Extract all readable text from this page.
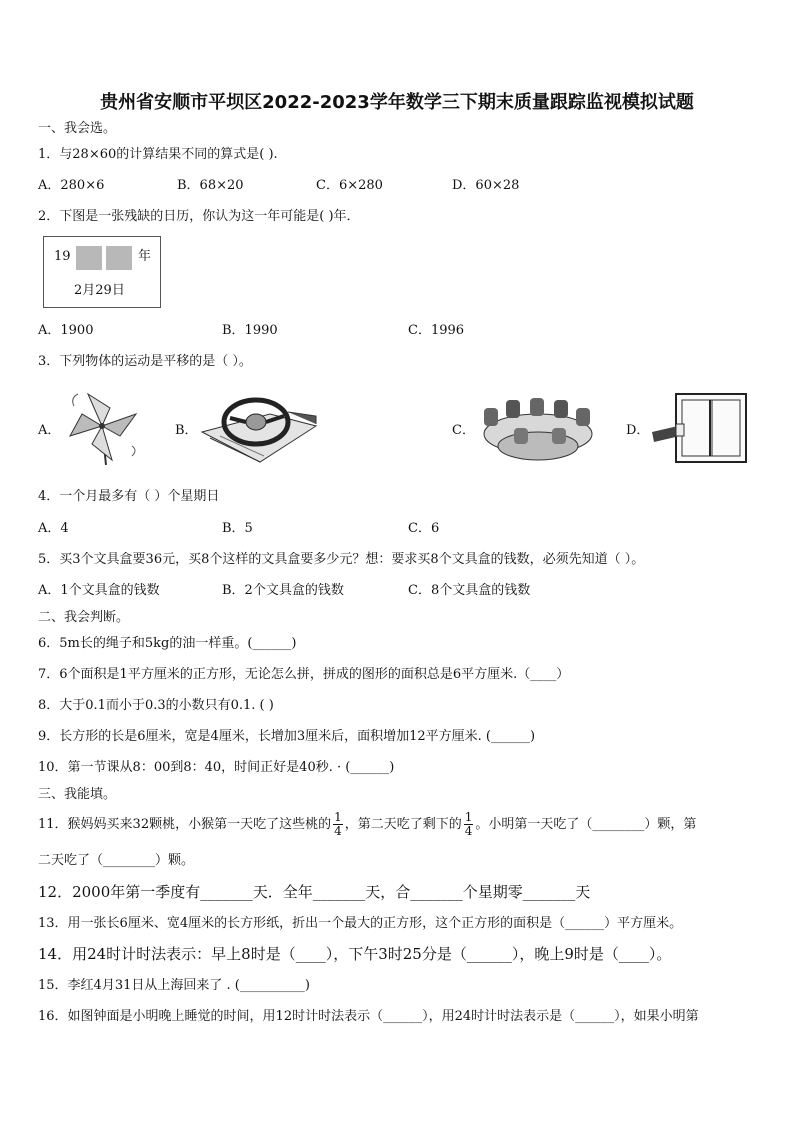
贵州省安顺市平坝区2022-2023学年数学三下期末质量跟踪监视模拟试题
一、我会选。
1．与28×60的计算结果不同的算式是( ).
A．280×6	B．68×20	C．6×280	D．60×28
2．下图是一张残缺的日历，你认为这一年可能是( )年．
19	年
2月29日
A．1900	B．1990	C．1996
3．下列物体的运动是平移的是（ ）。
A．	B．	C．	D．
4．一个月最多有（ ）个星期日
A．4	B．5	C．6
5．买3个文具盒要36元，买8个这样的文具盒要多少元？想：要求买8个文具盒的钱数，必须先知道（ ）。
A．1个文具盒的钱数	B．2个文具盒的钱数	C．8个文具盒的钱数
二、我会判断。
6．5m长的绳子和5kg的油一样重。(______)
7．6个面积是1平方厘米的正方形，无论怎么拼，拼成的图形的面积总是6平方厘米.（____）
8．大于0.1而小于0.3的小数只有0.1. ( )
9．长方形的长是6厘米，宽是4厘米，长增加3厘米后，面积增加12平方厘米. (______)
10．第一节课从8：00到8：40，时间正好是40秒. · (______)
三、我能填。
11．猴妈妈买来32颗桃，小猴第一天吃了这些桃的 $\frac{1}{4}$ ，第二天吃了剩下的 $\frac{1}{4}$ 。小明第一天吃了（________）颗，第
二天吃了（________）颗。
12．2000年第一季度有_______天．全年_______天，合_______个星期零_______天
13．用一张长6厘米、宽4厘米的长方形纸，折出一个最大的正方形，这个正方形的面积是（______）平方厘米。
14．用24时计时法表示：早上8时是（____），下午3时25分是（______），晚上9时是（____）。
15．李红4月31日从上海回来了 . (__________)
16．如图钟面是小明晚上睡觉的时间，用12时计时法表示（______），用24时计时法表示是（______），如果小明第
